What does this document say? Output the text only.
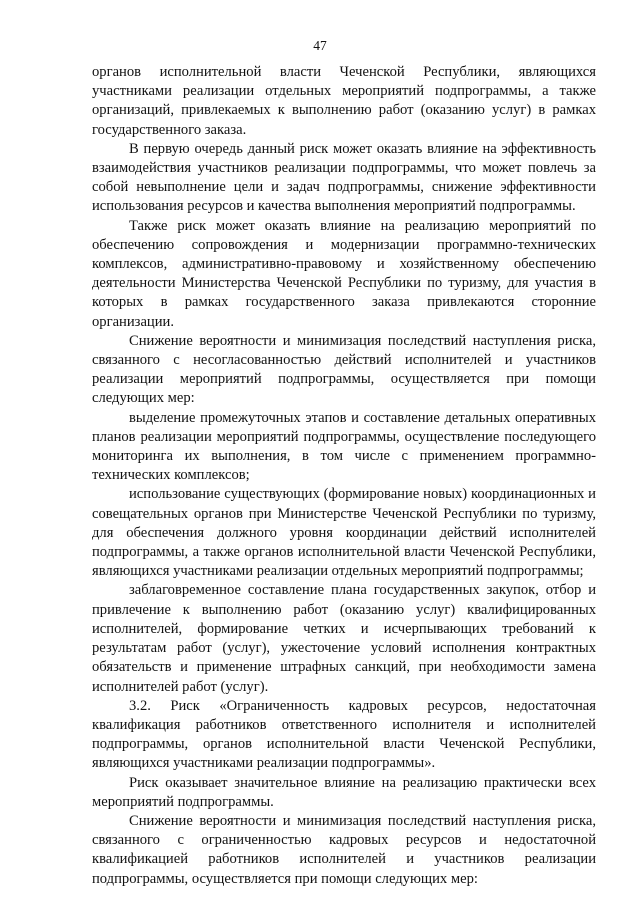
47

органов исполнительной власти Чеченской Республики, являющихся участниками реализации отдельных мероприятий подпрограммы, а также организаций, привлекаемых к выполнению работ (оказанию услуг) в рамках государственного заказа.

В первую очередь данный риск может оказать влияние на эффективность взаимодействия участников реализации подпрограммы, что может повлечь за собой невыполнение цели и задач подпрограммы, снижение эффективности использования ресурсов и качества выполнения мероприятий подпрограммы.

Также риск может оказать влияние на реализацию мероприятий по обеспечению сопровождения и модернизации программно-технических комплексов, административно-правовому и хозяйственному обеспечению деятельности Министерства Чеченской Республики по туризму, для участия в которых в рамках государственного заказа привлекаются сторонние организации.

Снижение вероятности и минимизация последствий наступления риска, связанного с несогласованностью действий исполнителей и участников реализации мероприятий подпрограммы, осуществляется при помощи следующих мер:

выделение промежуточных этапов и составление детальных оперативных планов реализации мероприятий подпрограммы, осуществление последующего мониторинга их выполнения, в том числе с применением программно-технических комплексов;

использование существующих (формирование новых) координационных и совещательных органов при Министерстве Чеченской Республики по туризму, для обеспечения должного уровня координации действий исполнителей подпрограммы, а также органов исполнительной власти Чеченской Республики, являющихся участниками реализации отдельных мероприятий подпрограммы;

заблаговременное составление плана государственных закупок, отбор и привлечение к выполнению работ (оказанию услуг) квалифицированных исполнителей, формирование четких и исчерпывающих требований к результатам работ (услуг), ужесточение условий исполнения контрактных обязательств и применение штрафных санкций, при необходимости замена исполнителей работ (услуг).

3.2. Риск «Ограниченность кадровых ресурсов, недостаточная квалификация работников ответственного исполнителя и исполнителей подпрограммы, органов исполнительной власти Чеченской Республики, являющихся участниками реализации подпрограммы».

Риск оказывает значительное влияние на реализацию практически всех мероприятий подпрограммы.

Снижение вероятности и минимизация последствий наступления риска, связанного с ограниченностью кадровых ресурсов и недостаточной квалификацией работников исполнителей и участников реализации подпрограммы, осуществляется при помощи следующих мер:
